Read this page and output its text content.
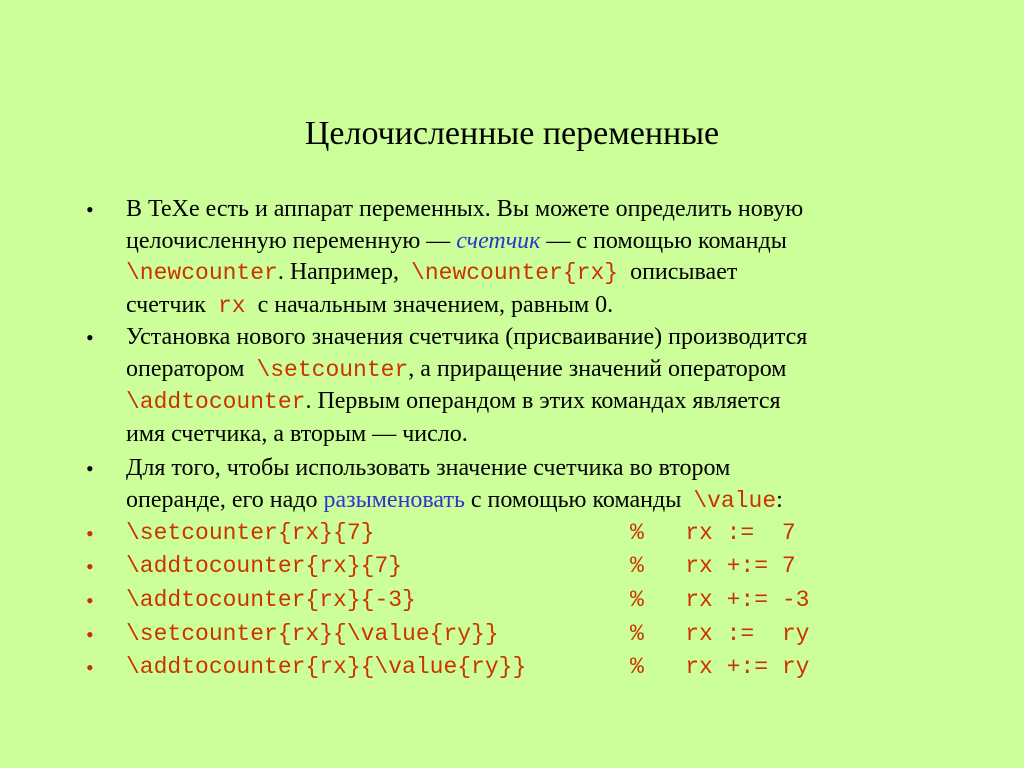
Целочисленные переменные
• В TeXe есть и аппарат переменных. Вы можете определить новую
целочисленную переменную — счетчик — с помощью команды
\newcounter. Например,  \newcounter{rx}  описывает
счетчик  rx  с начальным значением, равным 0.
• Установка нового значения счетчика (присваивание) производится
оператором  \setcounter, а приращение значений оператором
\addtocounter. Первым операндом в этих командах является
имя счетчика, а вторым — число.
• Для того, чтобы использовать значение счетчика во втором
операнде, его надо разыменовать с помощью команды  \value:
• \setcounter{rx}{7}	%   rx :=  7
• \addtocounter{rx}{7}	%   rx +:= 7
• \addtocounter{rx}{-3}	%   rx +:= -3
• \setcounter{rx}{\value{ry}}	%   rx :=  ry
• \addtocounter{rx}{\value{ry}}	%   rx +:= ry
